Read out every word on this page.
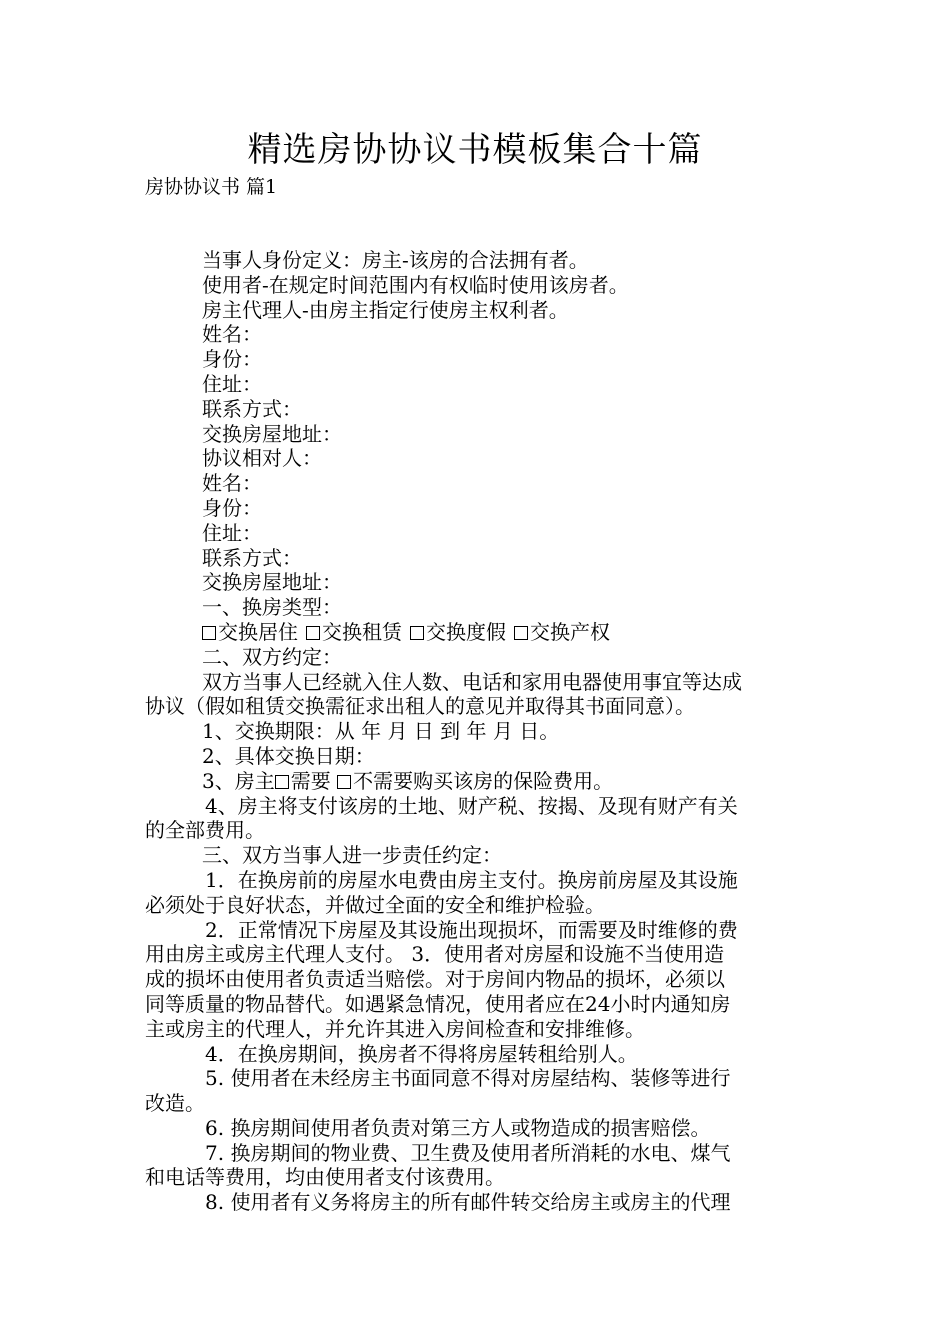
精选房协协议书模板集合十篇
房协协议书 篇1
当事人身份定义：房主-该房的合法拥有者。
使用者-在规定时间范围内有权临时使用该房者。
房主代理人-由房主指定行使房主权利者。
姓名：
身份：
住址：
联系方式：
交换房屋地址：
协议相对人：
姓名：
身份：
住址：
联系方式：
交换房屋地址：
一、换房类型：
交换居住 交换租赁 交换度假 交换产权
二、双方约定：
双方当事人已经就入住人数、电话和家用电器使用事宜等达成
协议（假如租赁交换需征求出租人的意见并取得其书面同意）。
1、交换期限：从 年 月 日 到 年 月 日。
2、具体交换日期：
3、房主 需要 不需要购买该房的保险费用。
4、房主将支付该房的土地、财产税、按揭、及现有财产有关
的全部费用。
三、双方当事人进一步责任约定：
1．在换房前的房屋水电费由房主支付。换房前房屋及其设施
必须处于良好状态，并做过全面的安全和维护检验。
2．正常情况下房屋及其设施出现损坏，而需要及时维修的费
用由房主或房主代理人支付。 3．使用者对房屋和设施不当使用造
成的损坏由使用者负责适当赔偿。对于房间内物品的损坏，必须以
同等质量的物品替代。如遇紧急情况，使用者应在24小时内通知房
主或房主的代理人，并允许其进入房间检查和安排维修。
4．在换房期间，换房者不得将房屋转租给别人。
5. 使用者在未经房主书面同意不得对房屋结构、装修等进行
改造。
6. 换房期间使用者负责对第三方人或物造成的损害赔偿。
7. 换房期间的物业费、卫生费及使用者所消耗的水电、煤气
和电话等费用，均由使用者支付该费用。
8. 使用者有义务将房主的所有邮件转交给房主或房主的代理
